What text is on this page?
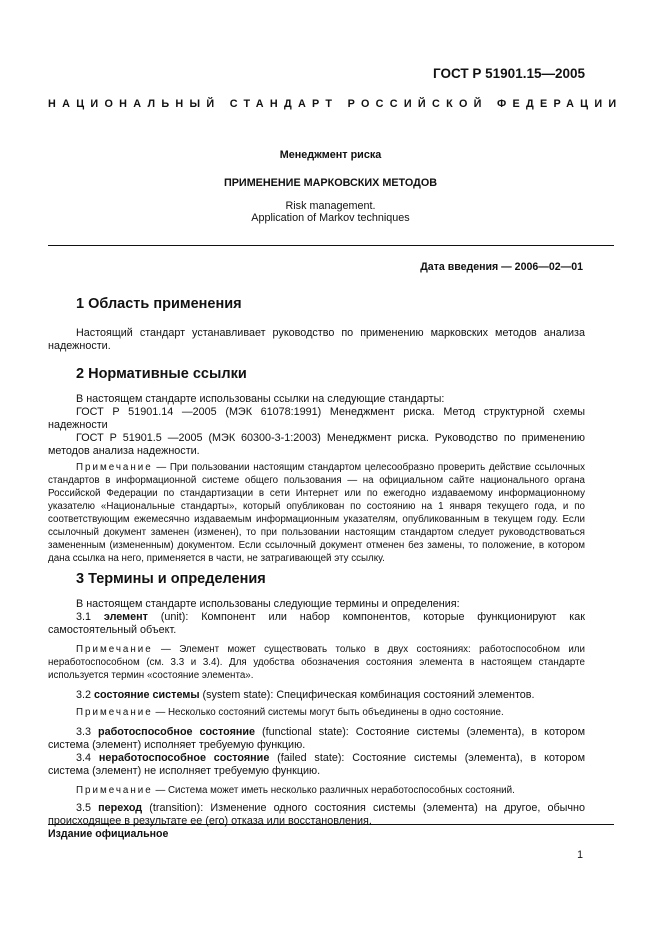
ГОСТ Р 51901.15—2005
НАЦИОНАЛЬНЫЙ СТАНДАРТ РОССИЙСКОЙ ФЕДЕРАЦИИ
Менеджмент риска
ПРИМЕНЕНИЕ МАРКОВСКИХ МЕТОДОВ
Risk management.
Application of Markov techniques
Дата введения — 2006—02—01
1 Область применения

Настоящий стандарт устанавливает руководство по применению марковских методов анализа надежности.

2 Нормативные ссылки

В настоящем стандарте использованы ссылки на следующие стандарты:

ГОСТ Р 51901.14 —2005 (МЭК 61078:1991) Менеджмент риска. Метод структурной схемы надежности

ГОСТ Р 51901.5 —2005 (МЭК 60300-3-1:2003) Менеджмент риска. Руководство по применению методов анализа надежности.

Примечание — При пользовании настоящим стандартом целесообразно проверить действие ссылочных стандартов в информационной системе общего пользования — на официальном сайте национального органа Российской Федерации по стандартизации в сети Интернет или по ежегодно издаваемому информационному указателю «Национальные стандарты», который опубликован по состоянию на 1 января текущего года, и по соответствующим ежемесячно издаваемым информационным указателям, опубликованным в текущем году. Если ссылочный документ заменен (изменен), то при пользовании настоящим стандартом следует руководствоваться замененным (измененным) документом. Если ссылочный документ отменен без замены, то положение, в котором дана ссылка на него, применяется в части, не затрагивающей эту ссылку.

3 Термины и определения

В настоящем стандарте использованы следующие термины и определения:

3.1 элемент (unit): Компонент или набор компонентов, которые функционируют как самостоятельный объект.

Примечание — Элемент может существовать только в двух состояниях: работоспособном или неработоспособном (см. 3.3 и 3.4). Для удобства обозначения состояния элемента в настоящем стандарте используется термин «состояние элемента».

3.2 состояние системы (system state): Специфическая комбинация состояний элементов.

Примечание — Несколько состояний системы могут быть объединены в одно состояние.

3.3 работоспособное состояние (functional state): Состояние системы (элемента), в котором система (элемент) исполняет требуемую функцию.

3.4 неработоспособное состояние (failed state): Состояние системы (элемента), в котором система (элемент) не исполняет требуемую функцию.

Примечание — Система может иметь несколько различных неработоспособных состояний.

3.5 переход (transition): Изменение одного состояния системы (элемента) на другое, обычно происходящее в результате ее (его) отказа или восстановления.

Издание официальное
1
